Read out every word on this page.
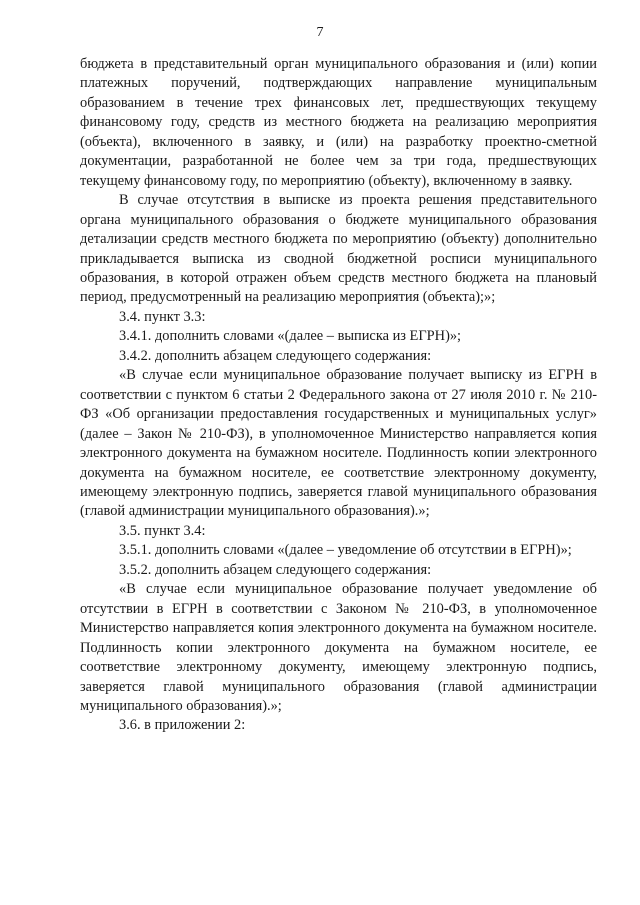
7

бюджета в представительный орган муниципального образования и (или) копии платежных поручений, подтверждающих направление муниципальным образованием в течение трех финансовых лет, предшествующих текущему финансовому году, средств из местного бюджета на реализацию мероприятия (объекта), включенного в заявку, и (или) на разработку проектно-сметной документации, разработанной не более чем за три года, предшествующих текущему финансовому году, по мероприятию (объекту), включенному в заявку.

В случае отсутствия в выписке из проекта решения представительного органа муниципального образования о бюджете муниципального образования детализации средств местного бюджета по мероприятию (объекту) дополнительно прикладывается выписка из сводной бюджетной росписи муниципального образования, в которой отражен объем средств местного бюджета на плановый период, предусмотренный на реализацию мероприятия (объекта);»;

3.4. пункт 3.3:

3.4.1. дополнить словами «(далее – выписка из ЕГРН)»;

3.4.2. дополнить абзацем следующего содержания:

«В случае если муниципальное образование получает выписку из ЕГРН в соответствии с пунктом 6 статьи 2 Федерального закона от 27 июля 2010 г. № 210-ФЗ «Об организации предоставления государственных и муниципальных услуг» (далее – Закон № 210-ФЗ), в уполномоченное Министерство направляется копия электронного документа на бумажном носителе. Подлинность копии электронного документа на бумажном носителе, ее соответствие электронному документу, имеющему электронную подпись, заверяется главой муниципального образования (главой администрации муниципального образования).»;

3.5. пункт 3.4:

3.5.1. дополнить словами «(далее – уведомление об отсутствии в ЕГРН)»;

3.5.2. дополнить абзацем следующего содержания:

«В случае если муниципальное образование получает уведомление об отсутствии в ЕГРН в соответствии с Законом № 210-ФЗ, в уполномоченное Министерство направляется копия электронного документа на бумажном носителе. Подлинность копии электронного документа на бумажном носителе, ее соответствие электронному документу, имеющему электронную подпись, заверяется главой муниципального образования (главой администрации муниципального образования).»;

3.6. в приложении 2:
